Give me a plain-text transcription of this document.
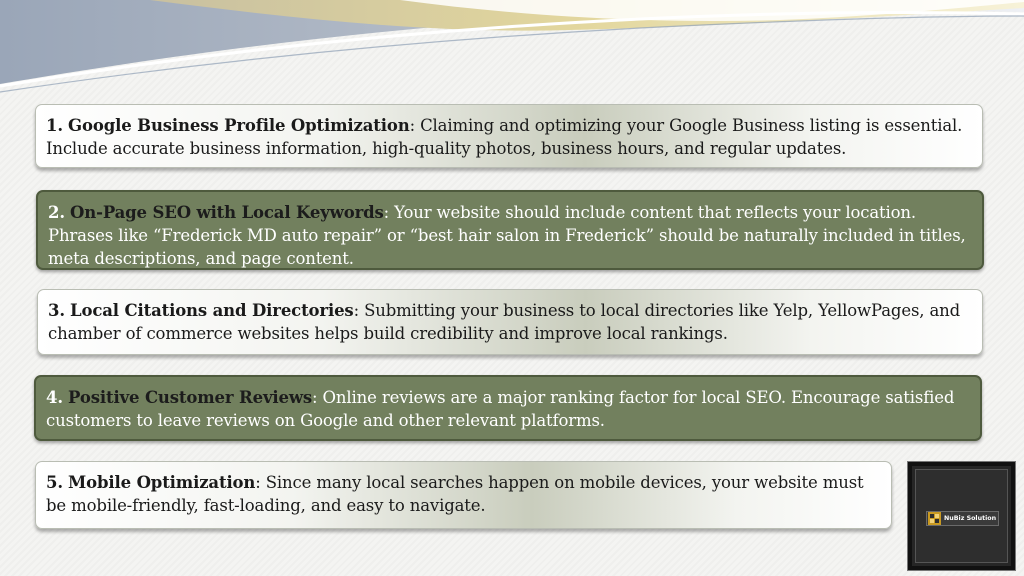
1. Google Business Profile Optimization: Claiming and optimizing your Google Business listing is essential. Include accurate business information, high-quality photos, business hours, and regular updates.
2. On-Page SEO with Local Keywords: Your website should include content that reflects your location. Phrases like “Frederick MD auto repair” or “best hair salon in Frederick” should be naturally included in titles, meta descriptions, and page content.
3. Local Citations and Directories: Submitting your business to local directories like Yelp, YellowPages, and chamber of commerce websites helps build credibility and improve local rankings.
4. Positive Customer Reviews: Online reviews are a major ranking factor for local SEO. Encourage satisfied customers to leave reviews on Google and other relevant platforms.
5. Mobile Optimization: Since many local searches happen on mobile devices, your website must be mobile-friendly, fast-loading, and easy to navigate.
NuBiz Solution
